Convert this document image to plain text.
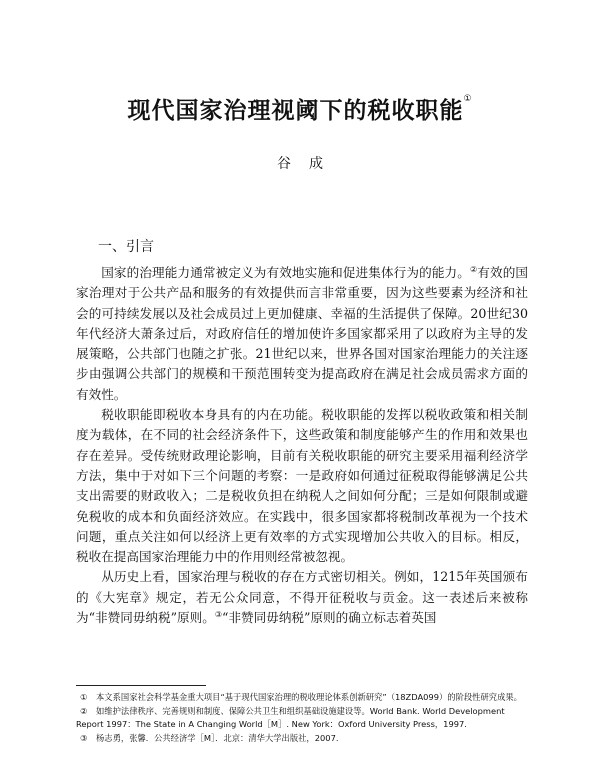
现代国家治理视阈下的税收职能①
谷成
一、引言

国家的治理能力通常被定义为有效地实施和促进集体行为的能力。②有效的国家治理对于公共产品和服务的有效提供而言非常重要，因为这些要素为经济和社会的可持续发展以及社会成员过上更加健康、幸福的生活提供了保障。20世纪30年代经济大萧条过后，对政府信任的增加使许多国家都采用了以政府为主导的发展策略，公共部门也随之扩张。21世纪以来，世界各国对国家治理能力的关注逐步由强调公共部门的规模和干预范围转变为提高政府在满足社会成员需求方面的有效性。

税收职能即税收本身具有的内在功能。税收职能的发挥以税收政策和相关制度为载体，在不同的社会经济条件下，这些政策和制度能够产生的作用和效果也存在差异。受传统财政理论影响，目前有关税收职能的研究主要采用福利经济学方法，集中于对如下三个问题的考察：一是政府如何通过征税取得能够满足公共支出需要的财政收入；二是税收负担在纳税人之间如何分配；三是如何限制或避免税收的成本和负面经济效应。在实践中，很多国家都将税制改革视为一个技术问题，重点关注如何以经济上更有效率的方式实现增加公共收入的目标。相反，税收在提高国家治理能力中的作用则经常被忽视。

从历史上看，国家治理与税收的存在方式密切相关。例如，1215年英国颁布的《大宪章》规定，若无公众同意，不得开征税收与贡金。这一表述后来被称为“非赞同毋纳税”原则。③“非赞同毋纳税”原则的确立标志着英国

① 本文系国家社会科学基金重大项目“基于现代国家治理的税收理论体系创新研究”（18ZDA099）的阶段性研究成果。

② 如维护法律秩序、完善规则和制度、保障公共卫生和组织基础设施建设等。World Bank. World Development Report 1997：The State in A Changing World［M］. New York：Oxford University Press，1997.

③ 杨志勇，张馨．公共经济学［M］．北京：清华大学出版社，2007.
